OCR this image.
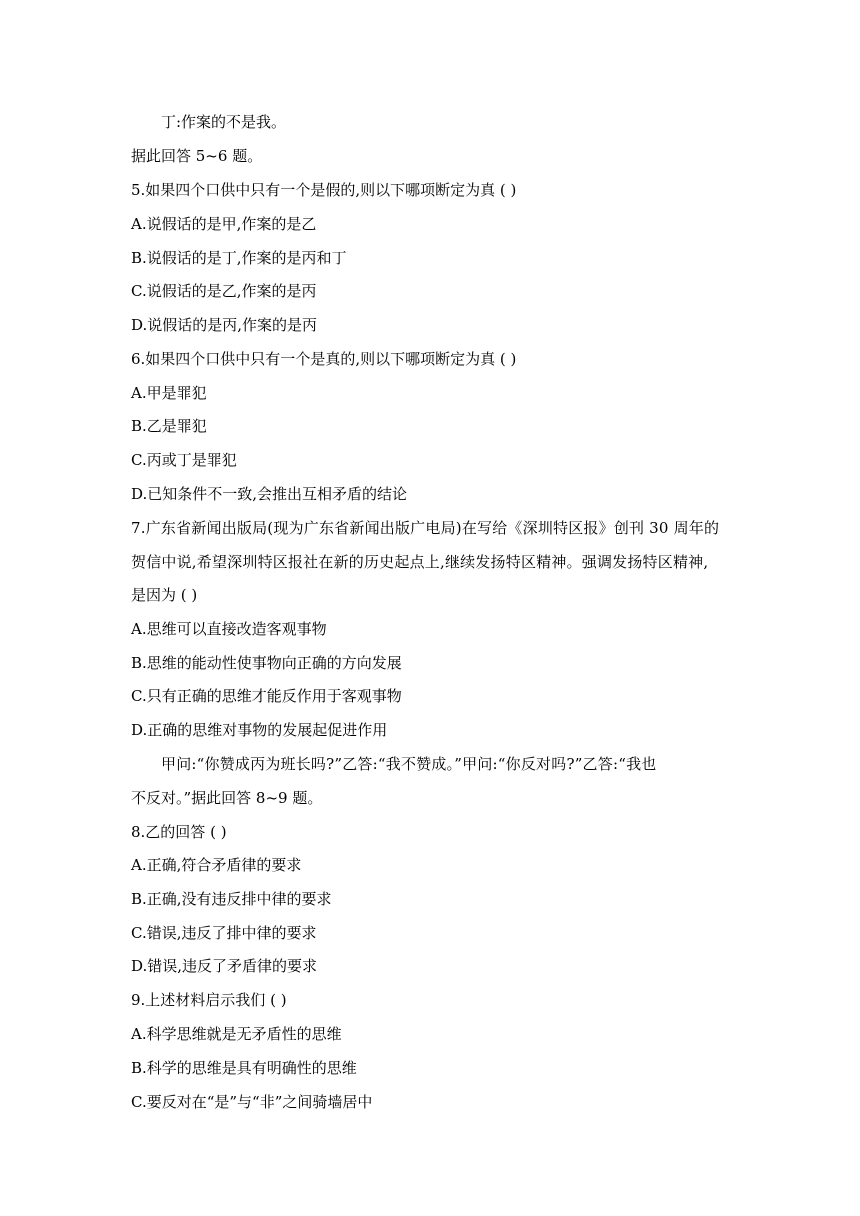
丁:作案的不是我。
据此回答 5~6 题。
5.如果四个口供中只有一个是假的,则以下哪项断定为真 ( )
A.说假话的是甲,作案的是乙
B.说假话的是丁,作案的是丙和丁
C.说假话的是乙,作案的是丙
D.说假话的是丙,作案的是丙
6.如果四个口供中只有一个是真的,则以下哪项断定为真 ( )
A.甲是罪犯
B.乙是罪犯
C.丙或丁是罪犯
D.已知条件不一致,会推出互相矛盾的结论
7.广东省新闻出版局(现为广东省新闻出版广电局)在写给《深圳特区报》创刊 30 周年的
贺信中说,希望深圳特区报社在新的历史起点上,继续发扬特区精神。强调发扬特区精神,
是因为 ( )
A.思维可以直接改造客观事物
B.思维的能动性使事物向正确的方向发展
C.只有正确的思维才能反作用于客观事物
D.正确的思维对事物的发展起促进作用
甲问:“你赞成丙为班长吗?”乙答:“我不赞成。”甲问:“你反对吗?”乙答:“我也
不反对。”据此回答 8~9 题。
8.乙的回答 ( )
A.正确,符合矛盾律的要求
B.正确,没有违反排中律的要求
C.错误,违反了排中律的要求
D.错误,违反了矛盾律的要求
9.上述材料启示我们 ( )
A.科学思维就是无矛盾性的思维
B.科学的思维是具有明确性的思维
C.要反对在“是”与“非”之间骑墙居中
